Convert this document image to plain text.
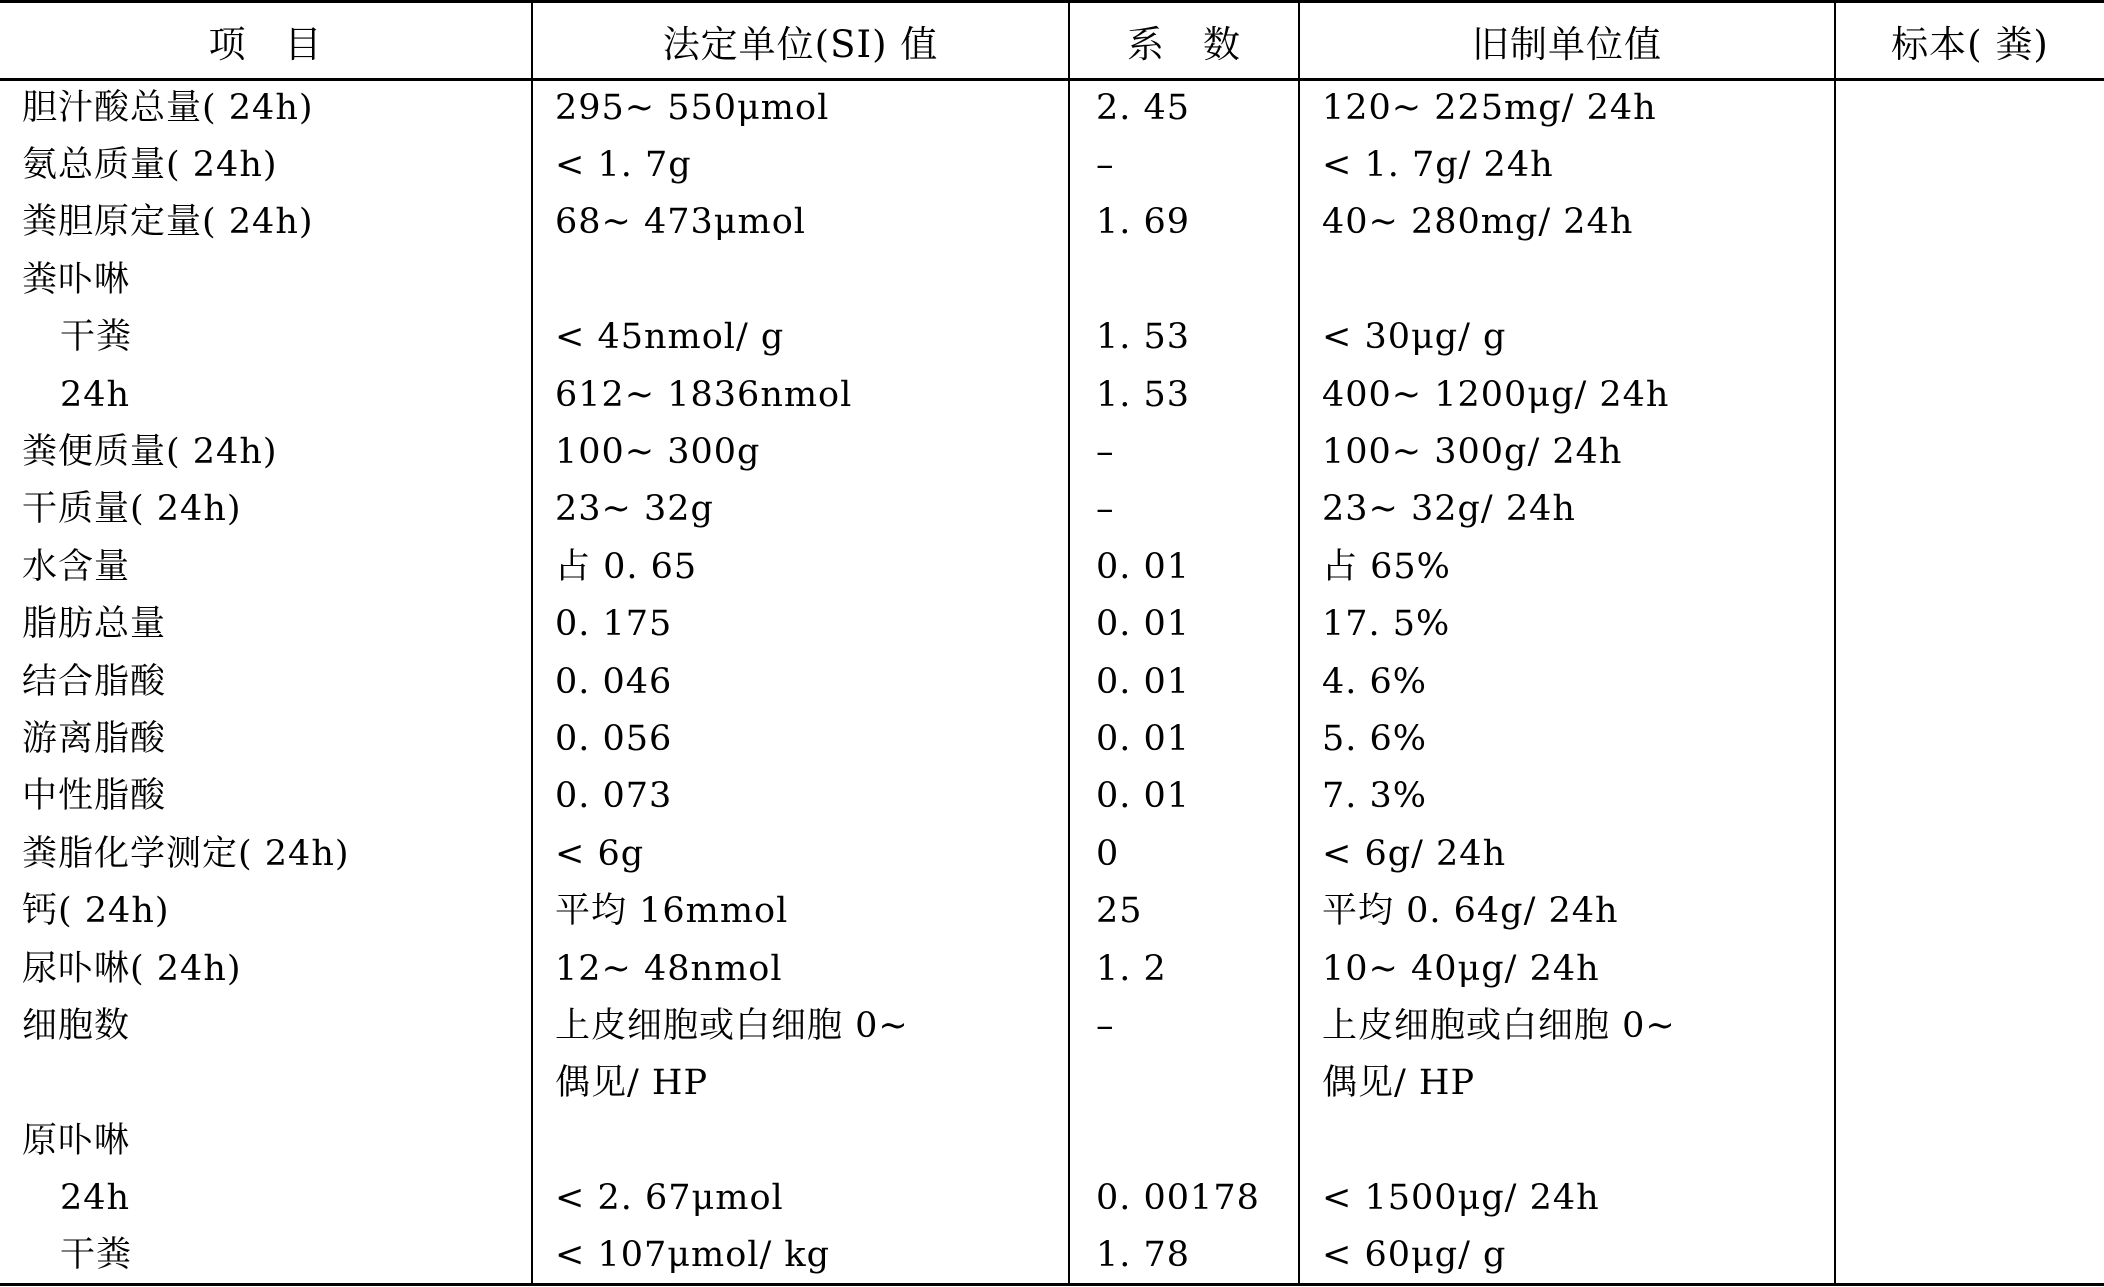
项　目	法定单位(SI) 值	系　数	旧制单位值	标本( 粪)
胆汁酸总量( 24h)	295~ 550μmol	2. 45	120~ 225mg/ 24h	
氨总质量( 24h)	< 1. 7g	–	< 1. 7g/ 24h	
粪胆原定量( 24h)	68~ 473μmol	1. 69	40~ 280mg/ 24h	
粪卟啉				
干粪	< 45nmol/ g	1. 53	< 30μg/ g	
24h	612~ 1836nmol	1. 53	400~ 1200μg/ 24h	
粪便质量( 24h)	100~ 300g	–	100~ 300g/ 24h	
干质量( 24h)	23~ 32g	–	23~ 32g/ 24h	
水含量	占 0. 65	0. 01	占 65%	
脂肪总量	0. 175	0. 01	17. 5%	
结合脂酸	0. 046	0. 01	4. 6%	
游离脂酸	0. 056	0. 01	5. 6%	
中性脂酸	0. 073	0. 01	7. 3%	
粪脂化学测定( 24h)	< 6g	0	< 6g/ 24h	
钙( 24h)	平均 16mmol	25	平均 0. 64g/ 24h	
尿卟啉( 24h)	12~ 48nmol	1. 2	10~ 40μg/ 24h	
细胞数	上皮细胞或白细胞 0~	–	上皮细胞或白细胞 0~	
	偶见/ HP		偶见/ HP	
原卟啉				
24h	< 2. 67μmol	0. 00178	< 1500μg/ 24h	
干粪	< 107μmol/ kg	1. 78	< 60μg/ g	
